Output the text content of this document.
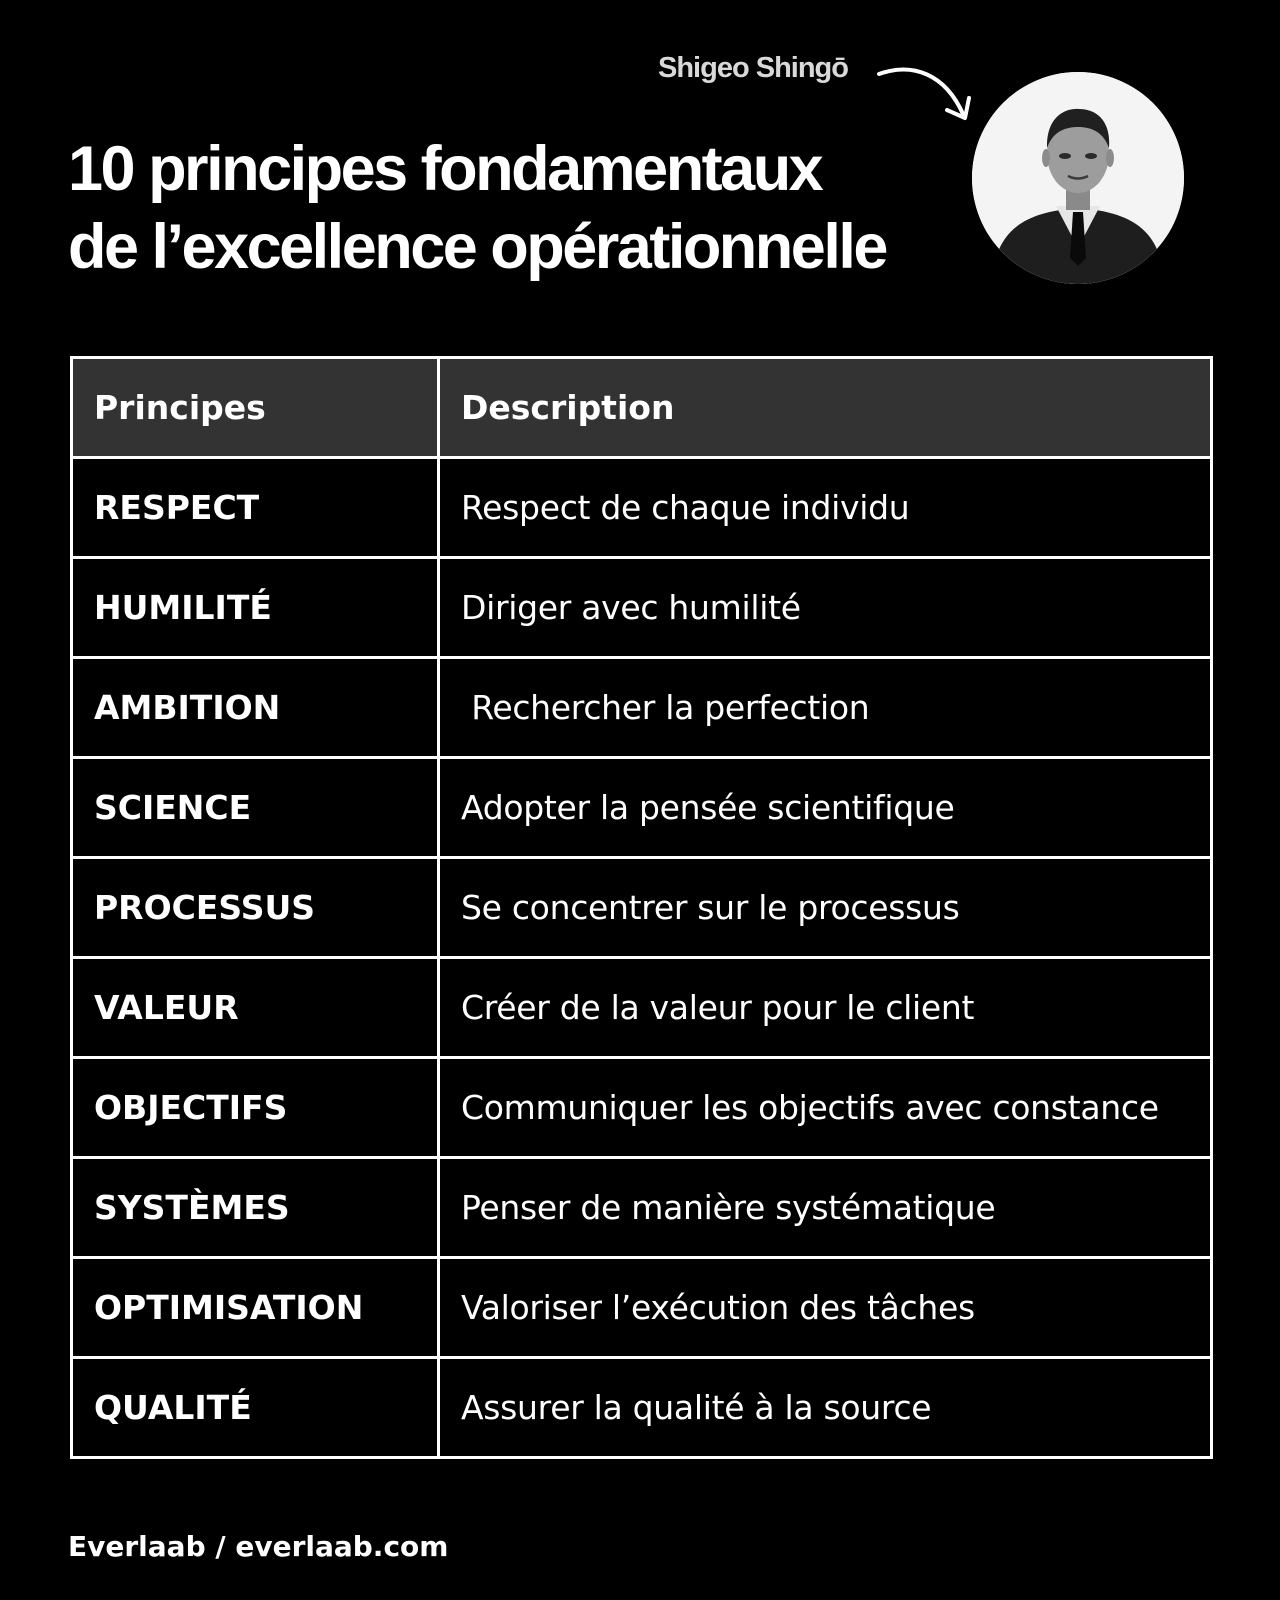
10 principes fondamentaux
de l’excellence opérationnelle
Shigeo Shingō
Principes	Description
RESPECT	Respect de chaque individu
HUMILITÉ	Diriger avec humilité
AMBITION	Rechercher la perfection
SCIENCE	Adopter la pensée scientifique
PROCESSUS	Se concentrer sur le processus
VALEUR	Créer de la valeur pour le client
OBJECTIFS	Communiquer les objectifs avec constance
SYSTÈMES	Penser de manière systématique
OPTIMISATION	Valoriser l’exécution des tâches
QUALITÉ	Assurer la qualité à la source
Everlaab / everlaab.com
